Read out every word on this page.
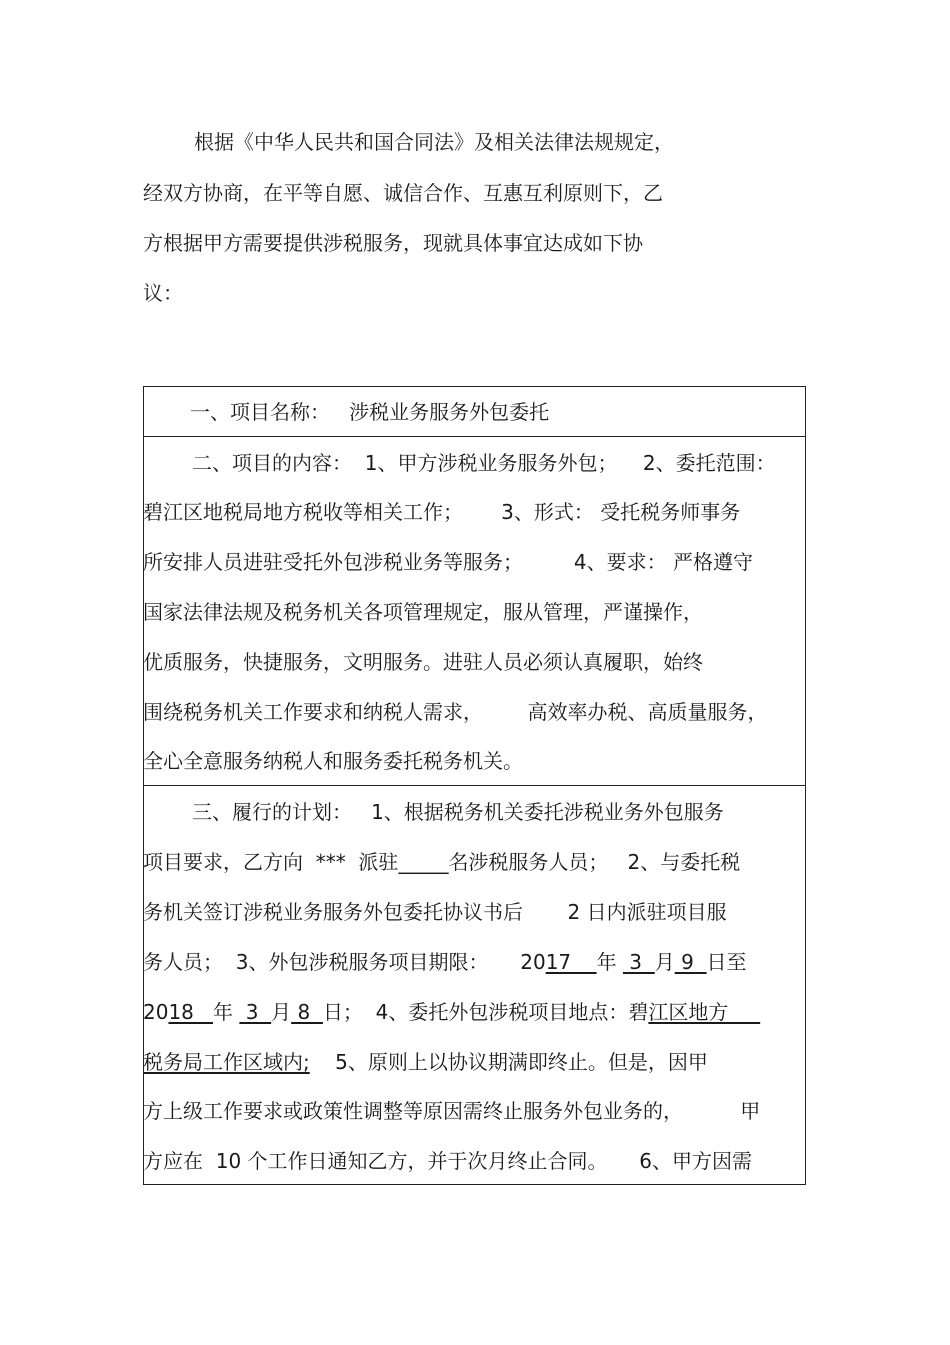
根据《中华人民共和国合同法》及相关法律法规规定，

经双方协商，在平等自愿、诚信合作、互惠互利原则下，乙

方根据甲方需要提供涉税服务，现就具体事宜达成如下协

议：

一、项目名称：   涉税业务服务外包委托

二、项目的内容：  1、甲方涉税业务服务外包；    2、委托范围：

碧江区地税局地方税收等相关工作；      3、形式： 受托税务师事务

所安排人员进驻受托外包涉税业务等服务；        4、要求： 严格遵守

国家法律法规及税务机关各项管理规定，服从管理，严谨操作，

优质服务，快捷服务，文明服务。进驻人员必须认真履职，始终

围绕税务机关工作要求和纳税人需求，       高效率办税、高质量服务，

全心全意服务纳税人和服务委托税务机关。

三、履行的计划：   1、根据税务机关委托涉税业务外包服务

项目要求，乙方向  ***  派驻_____名涉税服务人员；   2、与委托税

务机关签订涉税业务服务外包委托协议书后       2 日内派驻项目服

务人员；  3、外包涉税服务项目期限：     2017    年  3  月 9  日至

2018   年  3  月 8  日；  4、委托外包涉税项目地点：碧江区地方

税务局工作区域内;    5、原则上以协议期满即终止。但是，因甲

方上级工作要求或政策性调整等原因需终止服务外包业务的，         甲

方应在  10 个工作日通知乙方，并于次月终止合同。     6、甲方因需
